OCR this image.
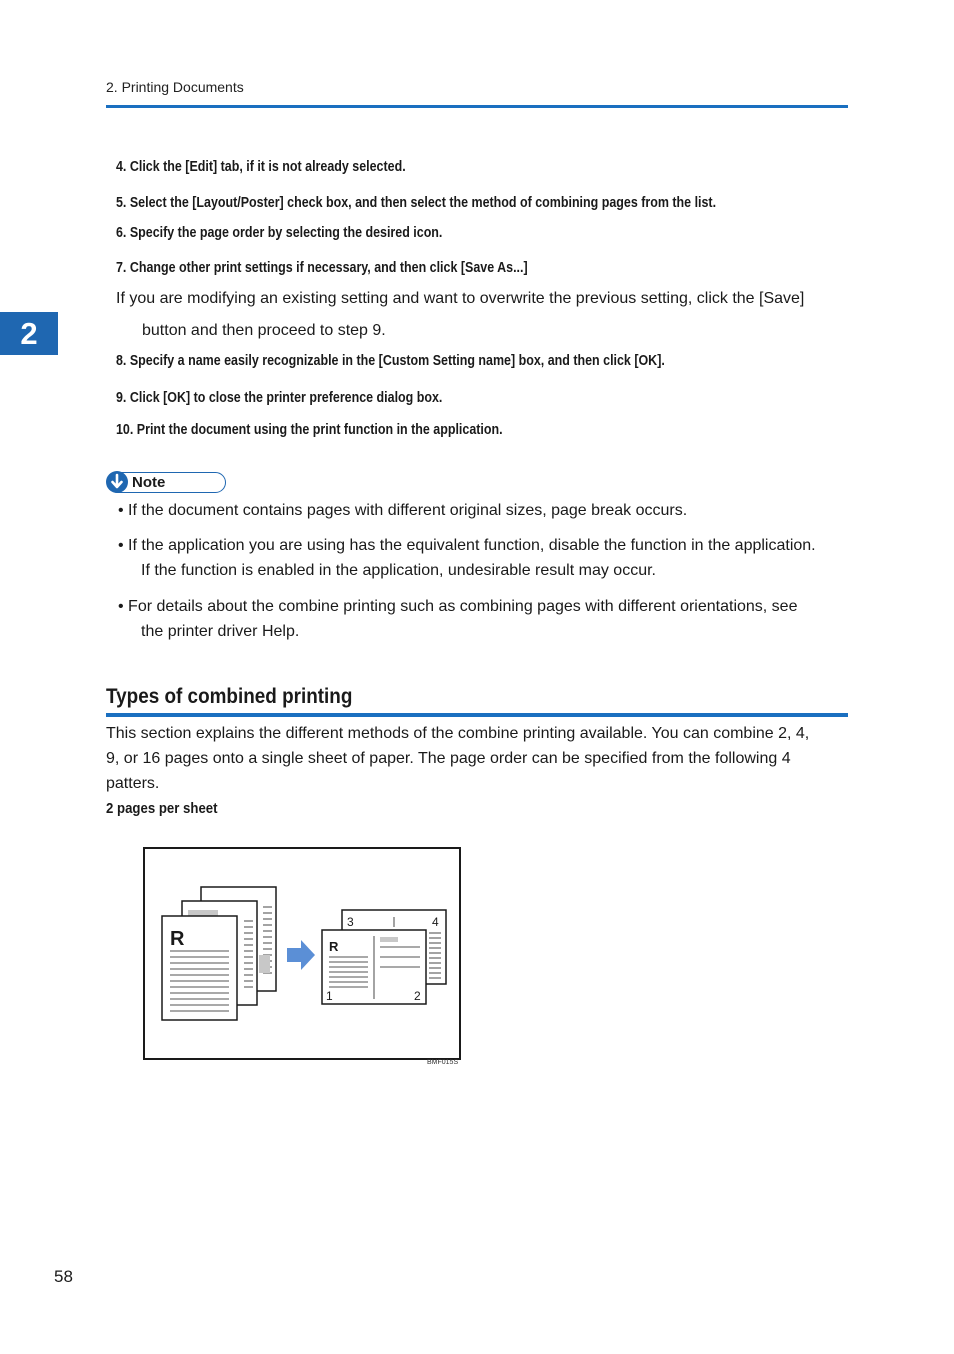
2. Printing Documents
2
4. Click the [Edit] tab, if it is not already selected.
5. Select the [Layout/Poster] check box, and then select the method of combining pages from the list.
6. Specify the page order by selecting the desired icon.
7. Change other print settings if necessary, and then click [Save As...]
If you are modifying an existing setting and want to overwrite the previous setting, click the [Save]
button and then proceed to step 9.
8. Specify a name easily recognizable in the [Custom Setting name] box, and then click [OK].
9. Click [OK] to close the printer preference dialog box.
10. Print the document using the print function in the application.
Note
• If the document contains pages with different original sizes, page break occurs.
• If the application you are using has the equivalent function, disable the function in the application.
If the function is enabled in the application, undesirable result may occur.
• For details about the combine printing such as combining pages with different orientations, see
the printer driver Help.
Types of combined printing
This section explains the different methods of the combine printing available. You can combine 2, 4,
9, or 16 pages onto a single sheet of paper. The page order can be specified from the following 4
patters.
2 pages per sheet
R
3	4
R
1	2
BMF015S
58
